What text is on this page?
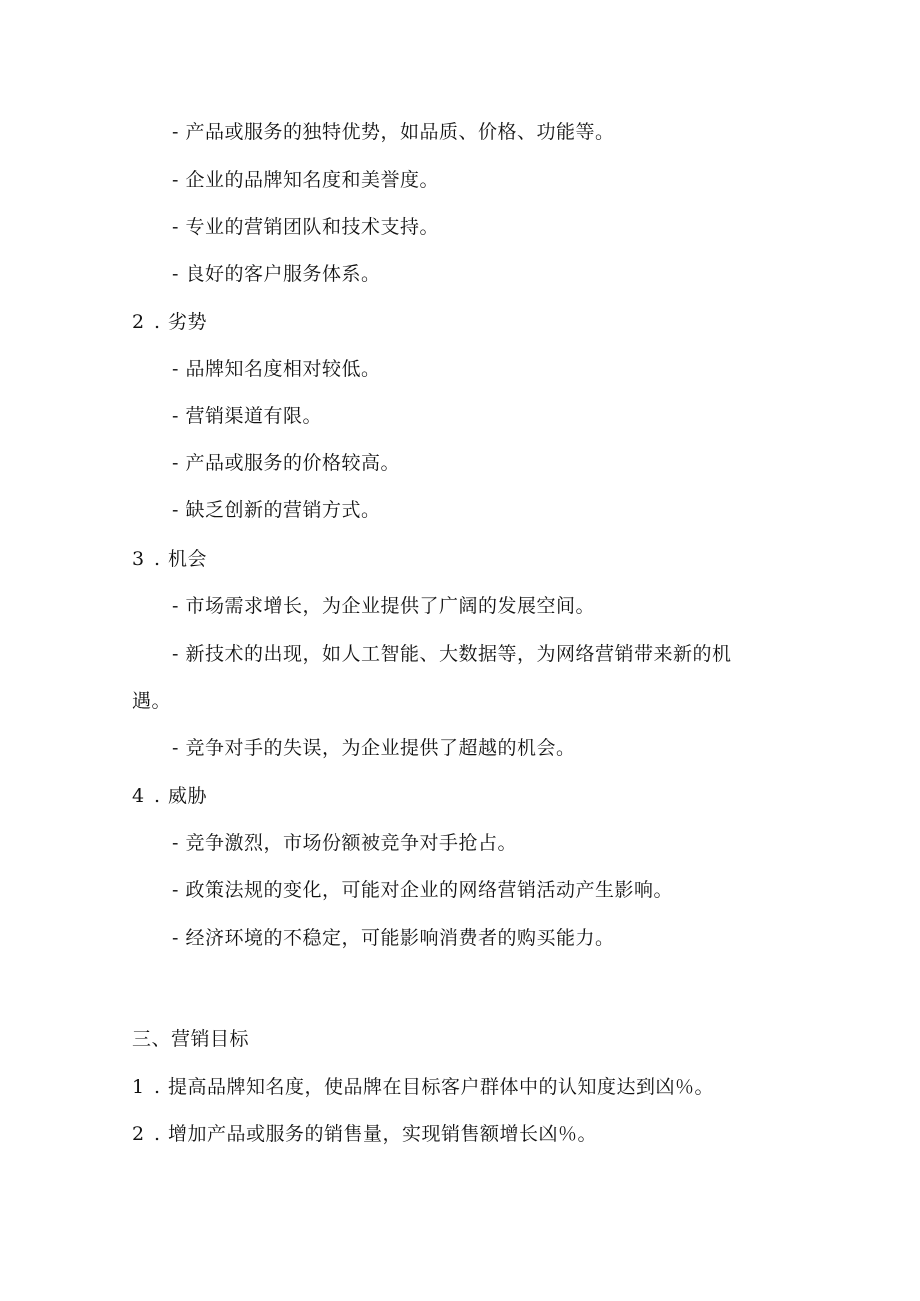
- 产品或服务的独特优势，如品质、价格、功能等。
- 企业的品牌知名度和美誉度。
- 专业的营销团队和技术支持。
- 良好的客户服务体系。
2 . 劣势
- 品牌知名度相对较低。
- 营销渠道有限。
- 产品或服务的价格较高。
- 缺乏创新的营销方式。
3 . 机会
- 市场需求增长，为企业提供了广阔的发展空间。
- 新技术的出现，如人工智能、大数据等，为网络营销带来新的机
遇。
- 竞争对手的失误，为企业提供了超越的机会。
4 . 威胁
- 竞争激烈，市场份额被竞争对手抢占。
- 政策法规的变化，可能对企业的网络营销活动产生影响。
- 经济环境的不稳定，可能影响消费者的购买能力。
三、营销目标
1 . 提高品牌知名度，使品牌在目标客户群体中的认知度达到凶％。
2 . 增加产品或服务的销售量，实现销售额增长凶％。
